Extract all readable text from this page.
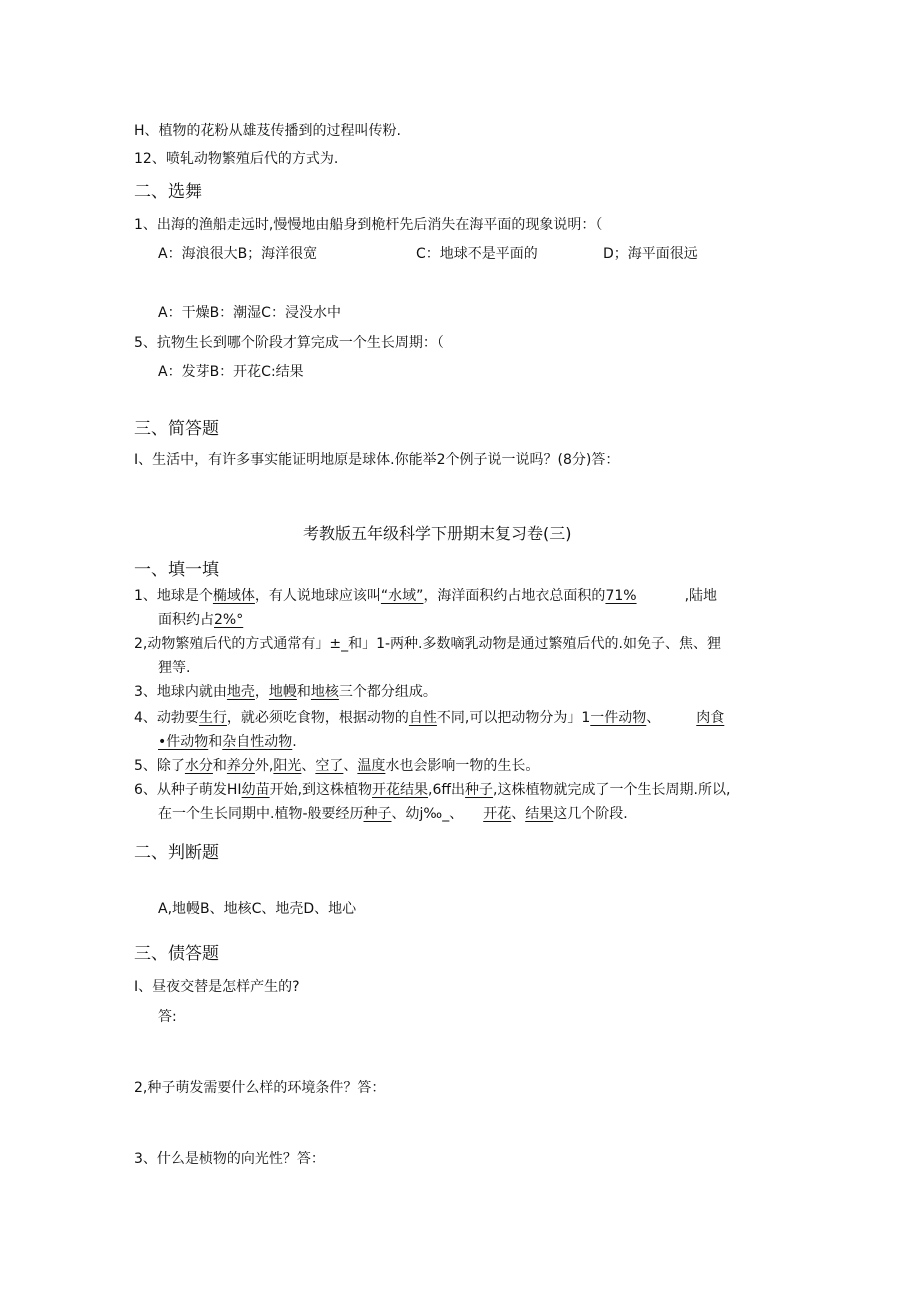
H、植物的花粉从雄芨传播到的过程叫传粉.
12、喷轧动物繁殖后代的方式为.
二、选舞
1、出海的渔船走远时,慢慢地由船身到桅杆先后消失在海平面的现象说明：（
A：海浪很大B；海洋很宽	C：地球不是平面的	D；海平面很远
A：干燥B：潮湿C：浸没水中
5、抗物生长到哪个阶段才算完成一个生长周期：（
A：发芽B：开花C:结果
三、简答题
I、生活中，有许多事实能证明地原是球体.你能举2个例子说一说吗？(8分)答：
考教版五年级科学下册期末复习卷(三)
一、填一填
1、地球是个椭域体，有人说地球应该叫“水域”，海洋面积约占地衣总面积的71%	,陆地
面积约占2%°
2,动物繁殖后代的方式通常有」±_和」1-两种.多数嘀乳动物是通过繁殖后代的.如免子、焦、狸
狸等.
3、地球内就由地壳，地幔和地核三个都分组成。
4、动勃要生行，就必须吃食物，根据动物的自性不同,可以把动物分为」1一件动物、	肉食
•件动物和杂自性动物.
5、除了水分和养分外,阳光、空了、温度水也会影响一物的生长。
6、从种子萌发HI幼苗开始,到这株植物开花结果,6ff出种子,这株植物就完成了一个生长周期.所以,
在一个生长同期中.植物-般要经历种子、幼j‰_、 开花、结果这几个阶段.
二、判断题
A,地幔B、地核C、地壳D、地心
三、债答题
I、昼夜交替是怎样产生的?
答:
2,种子萌发需要什么样的环境条件？答：
3、什么是桢物的向光性？答：
